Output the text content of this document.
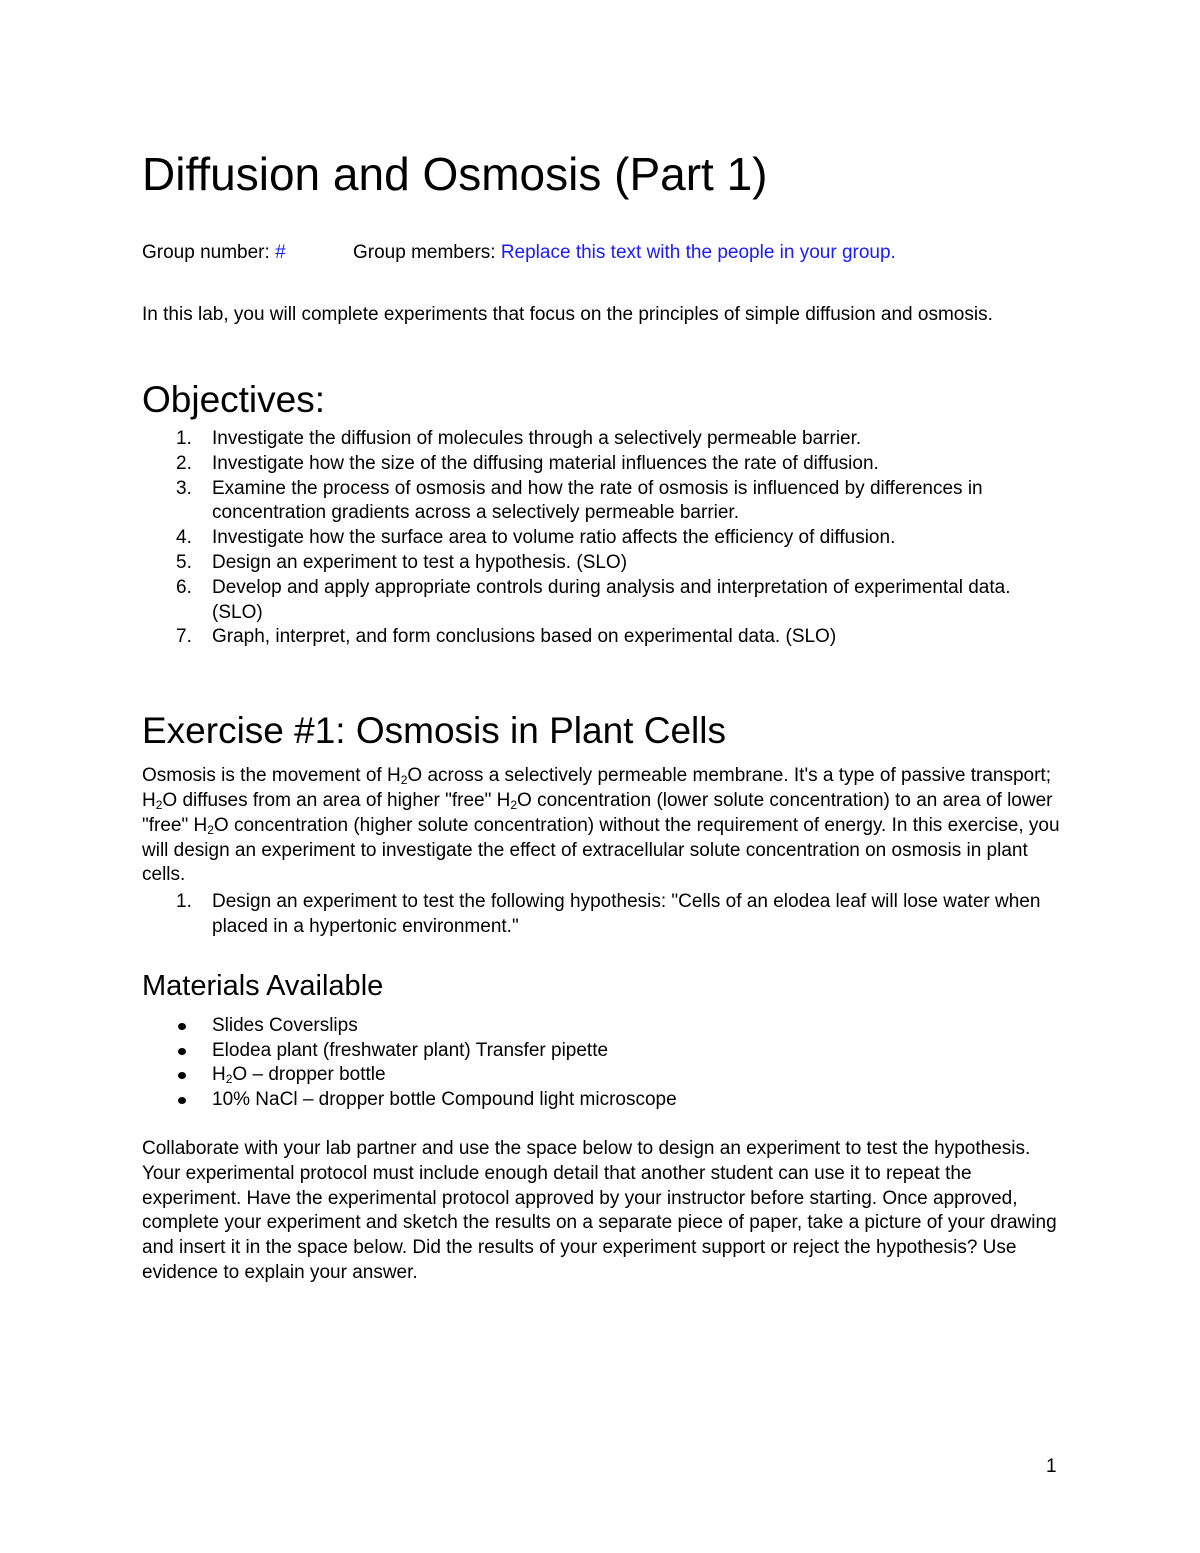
Diffusion and Osmosis (Part 1)
Group number: #	Group members: Replace this text with the people in your group.
In this lab, you will complete experiments that focus on the principles of simple diffusion and osmosis.
Objectives:
1. Investigate the diffusion of molecules through a selectively permeable barrier.
2. Investigate how the size of the diffusing material influences the rate of diffusion.
3. Examine the process of osmosis and how the rate of osmosis is influenced by differences in concentration gradients across a selectively permeable barrier.
4. Investigate how the surface area to volume ratio affects the efficiency of diffusion.
5. Design an experiment to test a hypothesis. (SLO)
6. Develop and apply appropriate controls during analysis and interpretation of experimental data. (SLO)
7. Graph, interpret, and form conclusions based on experimental data. (SLO)
Exercise #1: Osmosis in Plant Cells
Osmosis is the movement of $H_2O$ across a selectively permeable membrane. It's a type of passive transport; $H_2O$ diffuses from an area of higher "free" $H_2O$ concentration (lower solute concentration) to an area of lower "free" $H_2O$ concentration (higher solute concentration) without the requirement of energy. In this exercise, you will design an experiment to investigate the effect of extracellular solute concentration on osmosis in plant cells.
1. Design an experiment to test the following hypothesis: "Cells of an elodea leaf will lose water when placed in a hypertonic environment."
Materials Available
Slides Coverslips
Elodea plant (freshwater plant) Transfer pipette
$H_2O$ – dropper bottle
10% NaCl – dropper bottle Compound light microscope
Collaborate with your lab partner and use the space below to design an experiment to test the hypothesis. Your experimental protocol must include enough detail that another student can use it to repeat the experiment. Have the experimental protocol approved by your instructor before starting. Once approved, complete your experiment and sketch the results on a separate piece of paper, take a picture of your drawing and insert it in the space below. Did the results of your experiment support or reject the hypothesis? Use evidence to explain your answer.
1
